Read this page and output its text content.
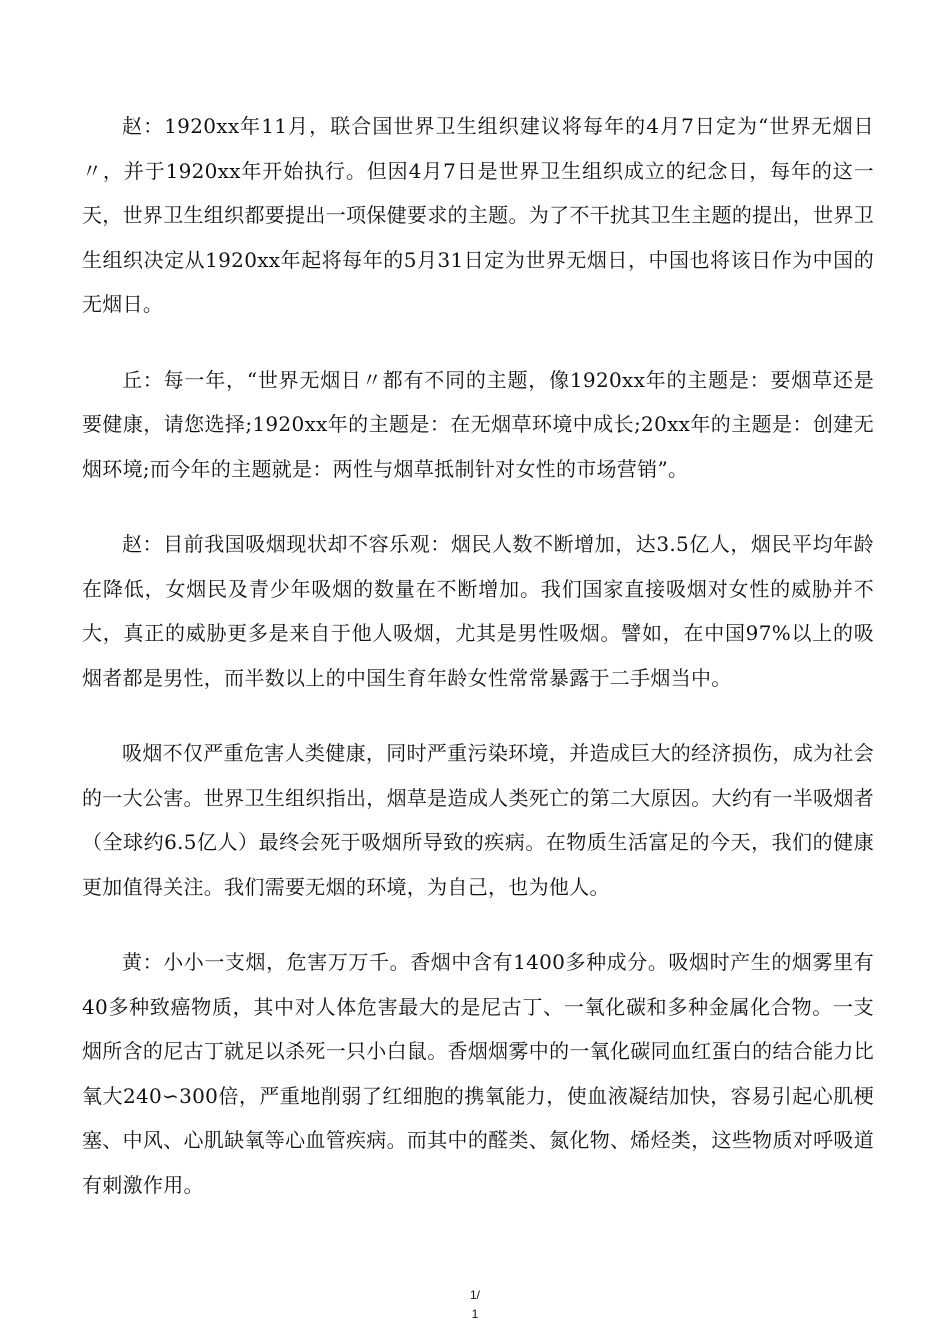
赵：1920xx年11月，联合国世界卫生组织建议将每年的4月7日定为“世界无烟日〃，并于1920xx年开始执行。但因4月7日是世界卫生组织成立的纪念日，每年的这一天，世界卫生组织都要提出一项保健要求的主题。为了不干扰其卫生主题的提出，世界卫生组织决定从1920xx年起将每年的5月31日定为世界无烟日，中国也将该日作为中国的无烟日。

丘：每一年，“世界无烟日〃都有不同的主题，像1920xx年的主题是：要烟草还是要健康，请您选择;1920xx年的主题是：在无烟草环境中成长;20xx年的主题是：创建无烟环境;而今年的主题就是：两性与烟草抵制针对女性的市场营销”。

赵：目前我国吸烟现状却不容乐观：烟民人数不断增加，达3.5亿人，烟民平均年龄在降低，女烟民及青少年吸烟的数量在不断增加。我们国家直接吸烟对女性的威胁并不大，真正的威胁更多是来自于他人吸烟，尤其是男性吸烟。譬如，在中国97%以上的吸烟者都是男性，而半数以上的中国生育年龄女性常常暴露于二手烟当中。

吸烟不仅严重危害人类健康，同时严重污染环境，并造成巨大的经济损伤，成为社会的一大公害。世界卫生组织指出，烟草是造成人类死亡的第二大原因。大约有一半吸烟者（全球约6.5亿人）最终会死于吸烟所导致的疾病。在物质生活富足的今天，我们的健康更加值得关注。我们需要无烟的环境，为自己，也为他人。

黄：小小一支烟，危害万万千。香烟中含有1400多种成分。吸烟时产生的烟雾里有40多种致癌物质，其中对人体危害最大的是尼古丁、一氧化碳和多种金属化合物。一支烟所含的尼古丁就足以杀死一只小白鼠。香烟烟雾中的一氧化碳同血红蛋白的结合能力比氧大240∽300倍，严重地削弱了红细胞的携氧能力，使血液凝结加快，容易引起心肌梗塞、中风、心肌缺氧等心血管疾病。而其中的醛类、氮化物、烯烃类，这些物质对呼吸道有刺激作用。

1/
1
